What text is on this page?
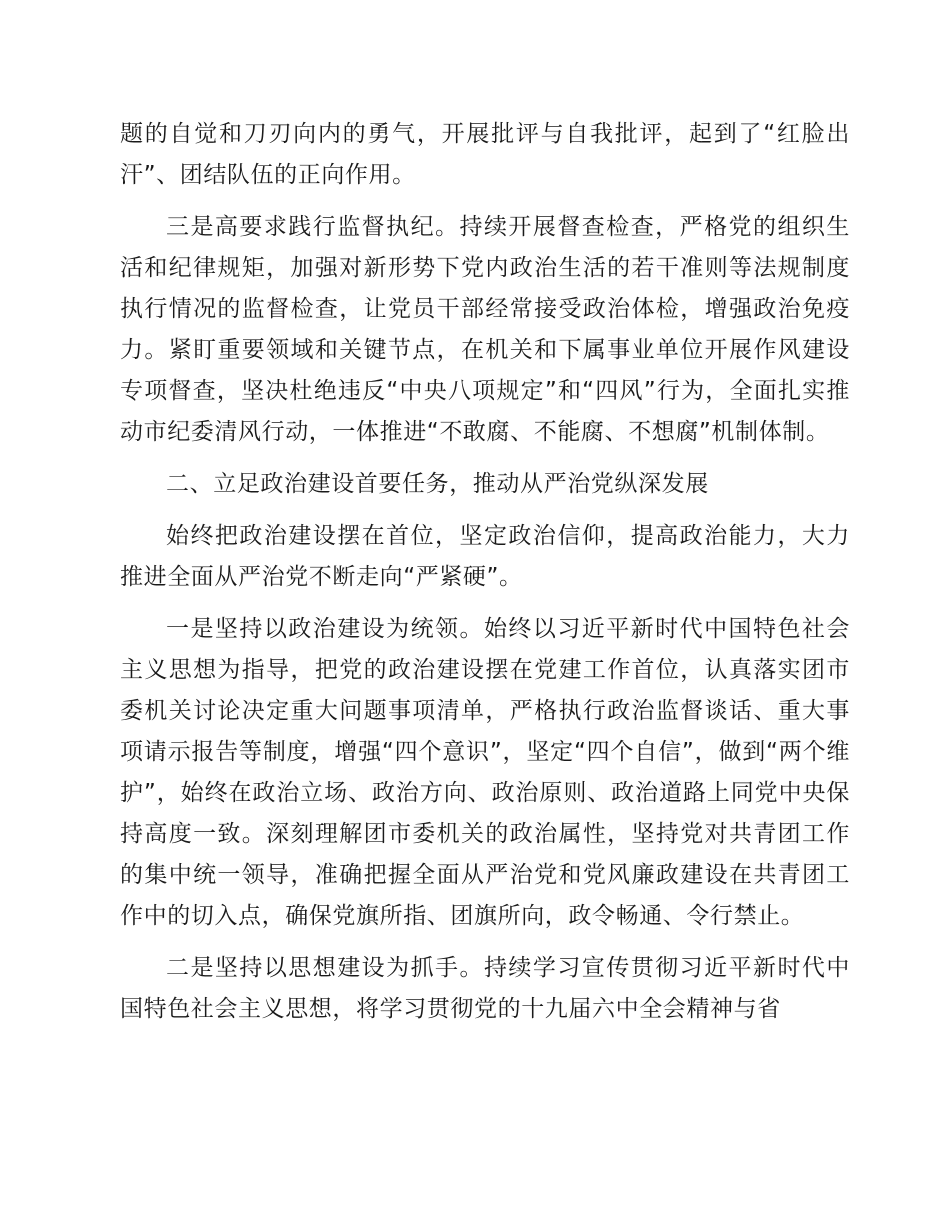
题的自觉和刀刃向内的勇气，开展批评与自我批评，起到了“红脸出汗”、团结队伍的正向作用。

三是高要求践行监督执纪。持续开展督查检查，严格党的组织生活和纪律规矩，加强对新形势下党内政治生活的若干准则等法规制度执行情况的监督检查，让党员干部经常接受政治体检，增强政治免疫力。紧盯重要领域和关键节点，在机关和下属事业单位开展作风建设专项督查，坚决杜绝违反“中央八项规定”和“四风”行为，全面扎实推动市纪委清风行动，一体推进“不敢腐、不能腐、不想腐”机制体制。

二、立足政治建设首要任务，推动从严治党纵深发展

始终把政治建设摆在首位，坚定政治信仰，提高政治能力，大力推进全面从严治党不断走向“严紧硬”。

一是坚持以政治建设为统领。始终以习近平新时代中国特色社会主义思想为指导，把党的政治建设摆在党建工作首位，认真落实团市委机关讨论决定重大问题事项清单，严格执行政治监督谈话、重大事项请示报告等制度，增强“四个意识”，坚定“四个自信”，做到“两个维护”，始终在政治立场、政治方向、政治原则、政治道路上同党中央保持高度一致。深刻理解团市委机关的政治属性，坚持党对共青团工作的集中统一领导，准确把握全面从严治党和党风廉政建设在共青团工作中的切入点，确保党旗所指、团旗所向，政令畅通、令行禁止。

二是坚持以思想建设为抓手。持续学习宣传贯彻习近平新时代中国特色社会主义思想，将学习贯彻党的十九届六中全会精神与省
